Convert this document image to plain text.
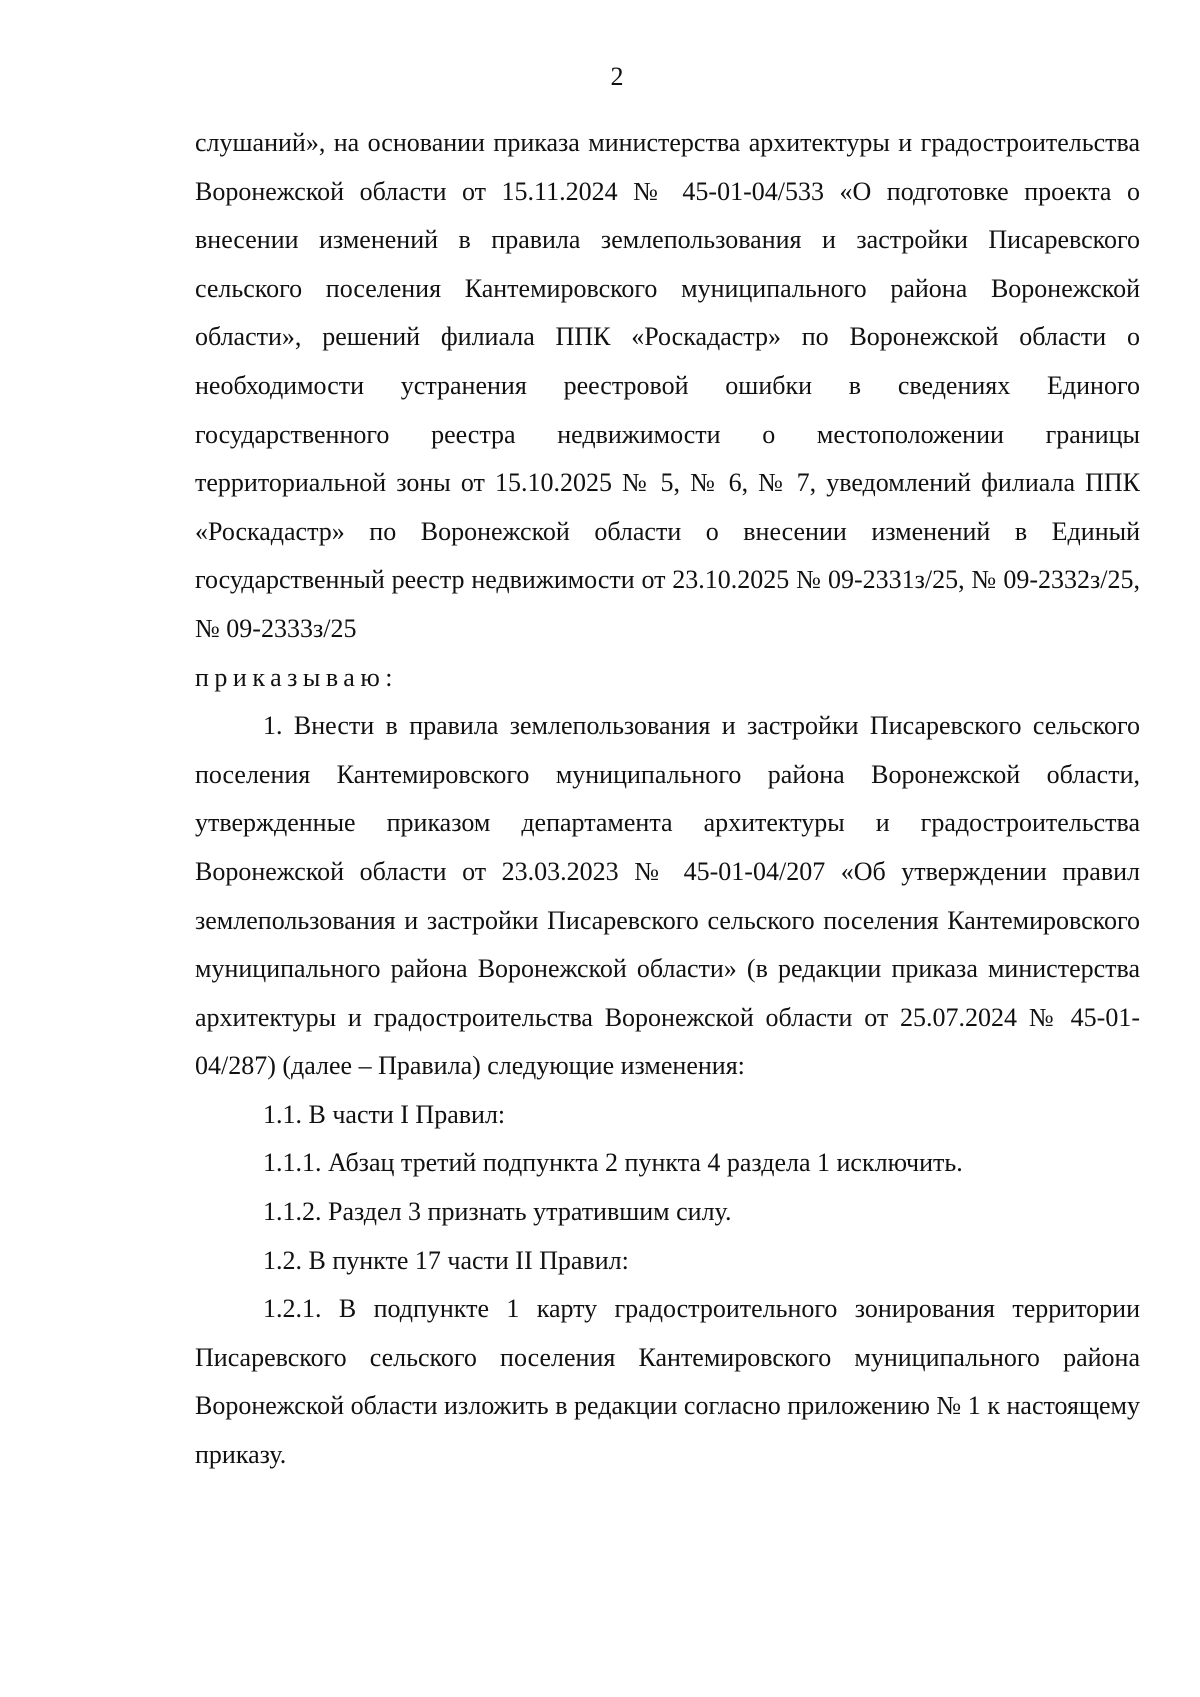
2

слушаний», на основании приказа министерства архитектуры и градостроительства Воронежской области от 15.11.2024 № 45-01-04/533 «О подготовке проекта о внесении изменений в правила землепользования и застройки Писаревского сельского поселения Кантемировского муниципального района Воронежской области», решений филиала ППК «Роскадастр» по Воронежской области о необходимости устранения реестровой ошибки в сведениях Единого государственного реестра недвижимости о местоположении границы территориальной зоны от 15.10.2025 № 5, № 6, № 7, уведомлений филиала ППК «Роскадастр» по Воронежской области о внесении изменений в Единый государственный реестр недвижимости от 23.10.2025 № 09-2331з/25, № 09-2332з/25, № 09-2333з/25

приказываю:

1. Внести в правила землепользования и застройки Писаревского сельского поселения Кантемировского муниципального района Воронежской области, утвержденные приказом департамента архитектуры и градостроительства Воронежской области от 23.03.2023 № 45-01-04/207 «Об утверждении правил землепользования и застройки Писаревского сельского поселения Кантемировского муниципального района Воронежской области» (в редакции приказа министерства архитектуры и градостроительства Воронежской области от 25.07.2024 № 45-01-04/287) (далее – Правила) следующие изменения:

1.1. В части I Правил:

1.1.1. Абзац третий подпункта 2 пункта 4 раздела 1 исключить.

1.1.2. Раздел 3 признать утратившим силу.

1.2. В пункте 17 части II Правил:

1.2.1. В подпункте 1 карту градостроительного зонирования территории Писаревского сельского поселения Кантемировского муниципального района Воронежской области изложить в редакции согласно приложению № 1 к настоящему приказу.
